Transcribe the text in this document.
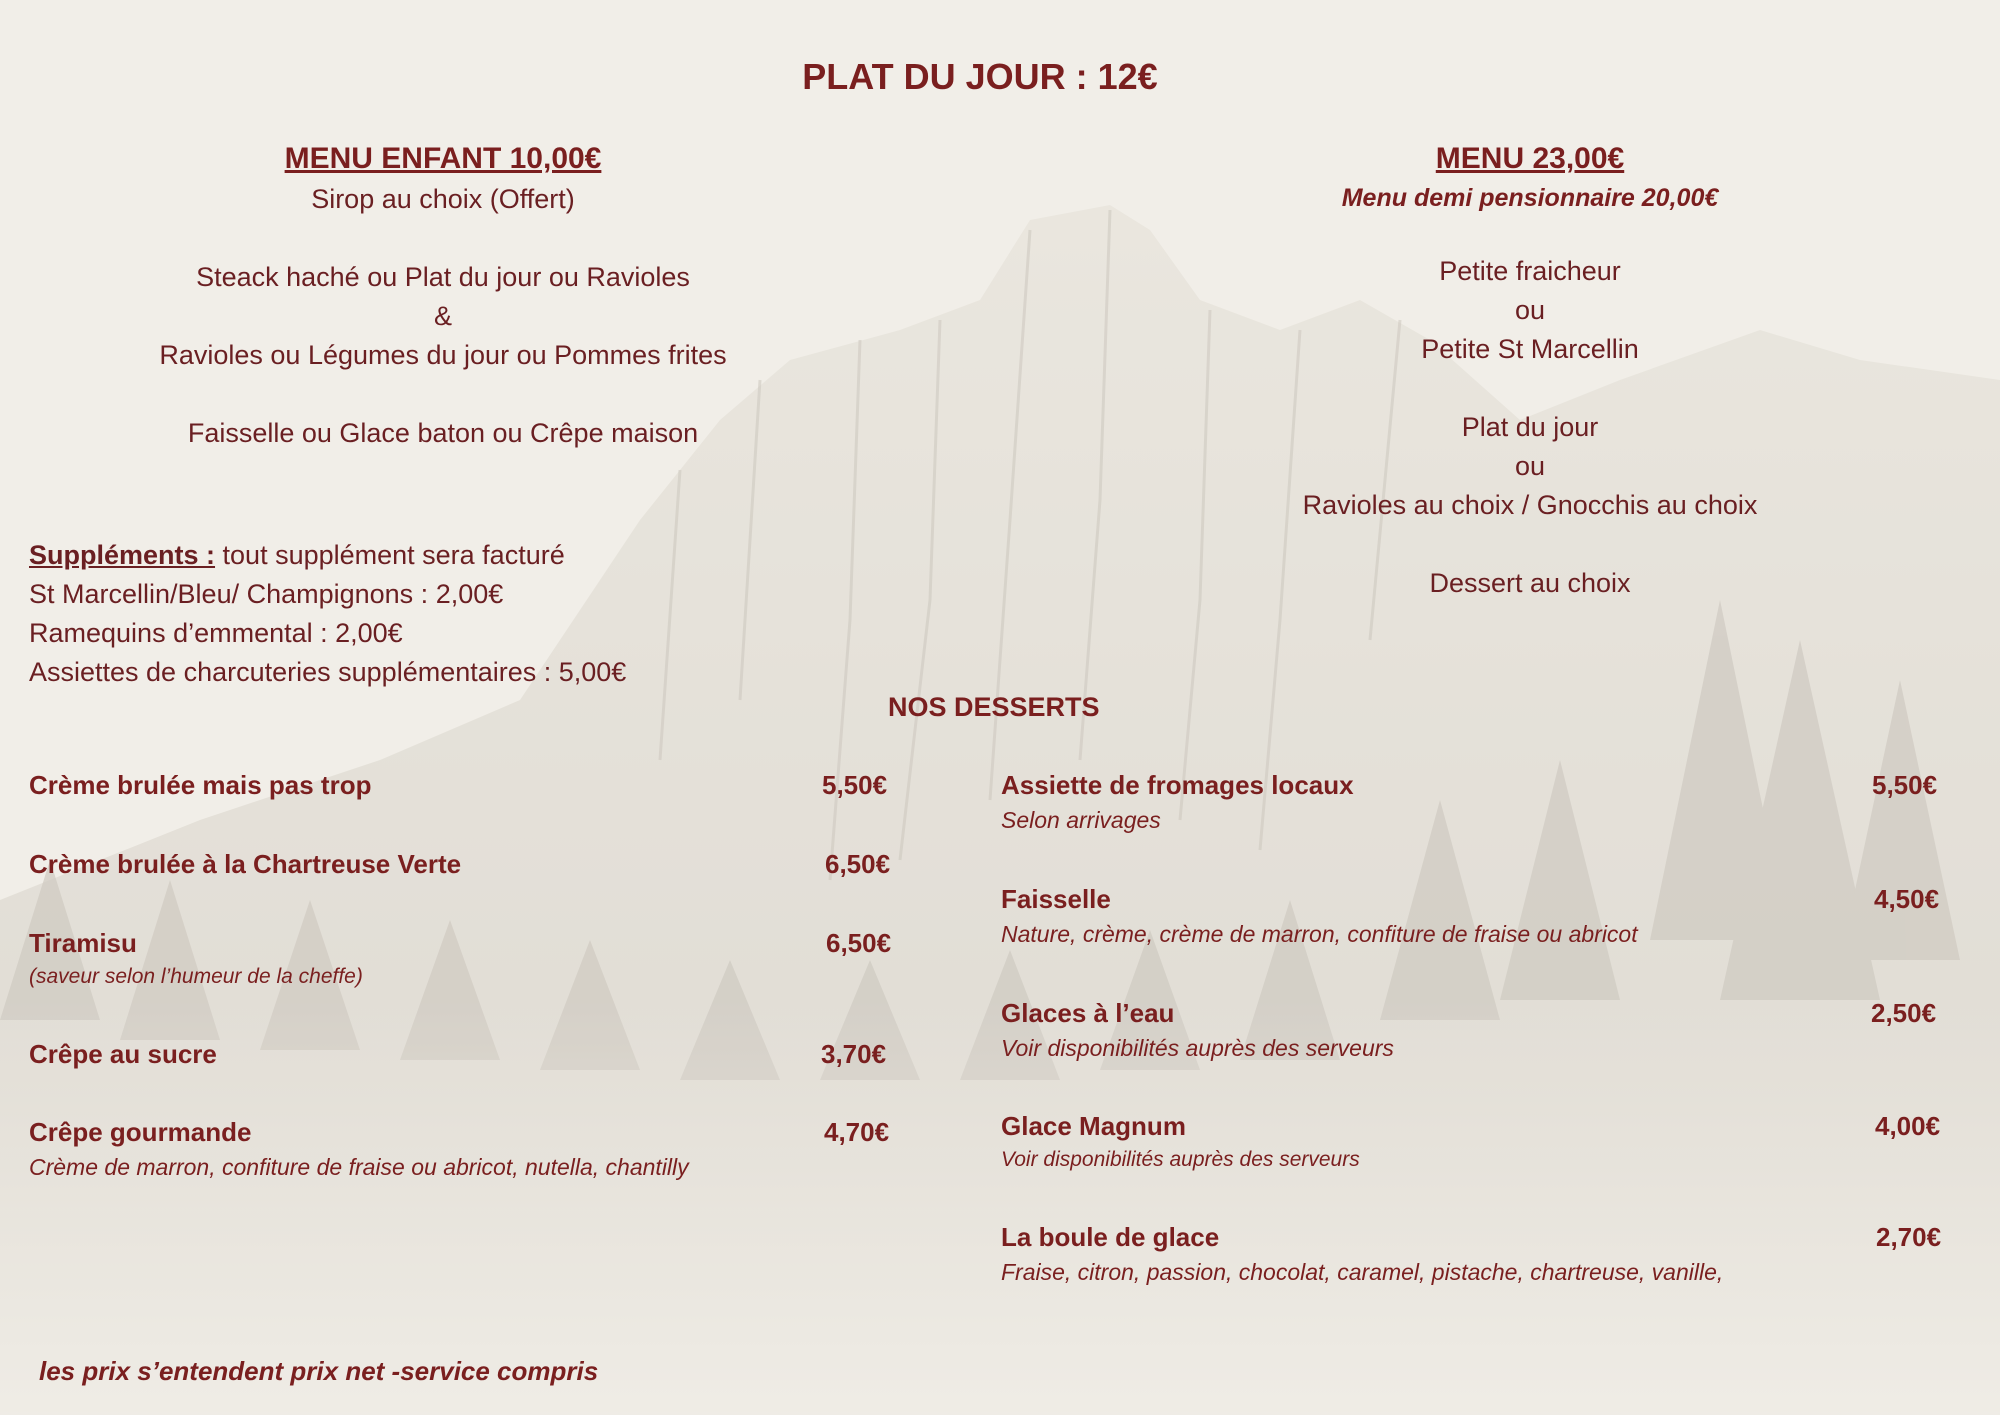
PLAT DU JOUR : 12€
MENU ENFANT 10,00€
Sirop au choix (Offert)
Steack haché ou Plat du jour ou Ravioles
&
Ravioles ou Légumes du jour ou Pommes frites
Faisselle ou Glace baton ou Crêpe maison
MENU 23,00€
Menu demi pensionnaire 20,00€
Petite fraicheur
ou
Petite St Marcellin
Plat du jour
ou
Ravioles au choix / Gnocchis au choix
Dessert au choix
Suppléments : tout supplément sera facturé
St Marcellin/Bleu/ Champignons : 2,00€
Ramequins d’emmental : 2,00€
Assiettes de charcuteries supplémentaires : 5,00€
NOS DESSERTS
Crème brulée mais pas trop	5,50€
Crème brulée à la Chartreuse Verte	6,50€
Tiramisu	6,50€
(saveur selon l’humeur de la cheffe)
Crêpe au sucre	3,70€
Crêpe gourmande	4,70€
Crème de marron, confiture de fraise ou abricot, nutella, chantilly
Assiette de fromages locaux	5,50€
Selon arrivages
Faisselle	4,50€
Nature, crème, crème de marron, confiture de fraise ou abricot
Glaces à l’eau	2,50€
Voir disponibilités auprès des serveurs
Glace Magnum	4,00€
Voir disponibilités auprès des serveurs
La boule de glace	2,70€
Fraise, citron, passion, chocolat, caramel, pistache, chartreuse, vanille,
les prix s’entendent prix net -service compris
